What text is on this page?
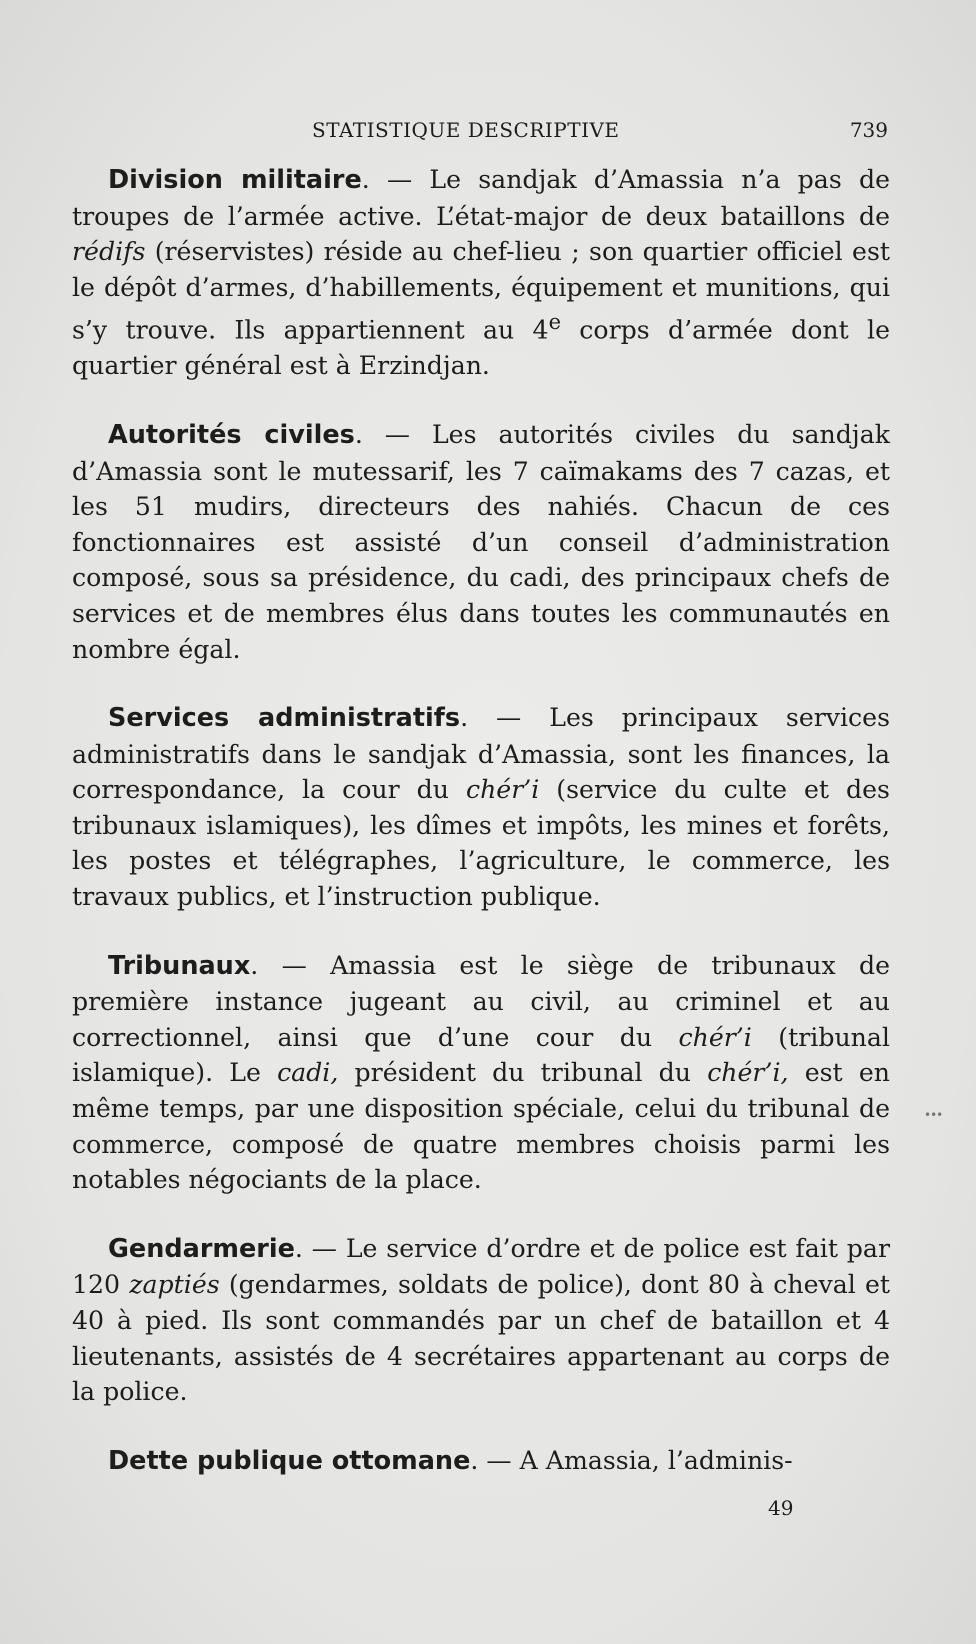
STATISTIQUE DESCRIPTIVE	739

Division militaire. — Le sandjak d’Amassia n’a pas de troupes de l’armée active. L’état-major de deux bataillons de rédifs (réservistes) réside au chef-lieu ; son quartier officiel est le dépôt d’armes, d’habillements, équipement et munitions, qui s’y trouve. Ils appartiennent au 4e corps d’armée dont le quartier général est à Erzindjan.

Autorités civiles. — Les autorités civiles du sandjak d’Amassia sont le mutessarif, les 7 caïmakams des 7 cazas, et les 51 mudirs, directeurs des nahiés. Chacun de ces fonctionnaires est assisté d’un conseil d’administration composé, sous sa présidence, du cadi, des principaux chefs de services et de membres élus dans toutes les communautés en nombre égal.

Services administratifs. — Les principaux services administratifs dans le sandjak d’Amassia, sont les finances, la correspondance, la cour du chér’i (service du culte et des tribunaux islamiques), les dîmes et impôts, les mines et forêts, les postes et télégraphes, l’agriculture, le commerce, les travaux publics, et l’instruction publique.

Tribunaux. — Amassia est le siège de tribunaux de première instance jugeant au civil, au criminel et au correctionnel, ainsi que d’une cour du chér’i (tribunal islamique). Le cadi, président du tribunal du chér’i, est en même temps, par une disposition spéciale, celui du tribunal de commerce, composé de quatre membres choisis parmi les notables négociants de la place.

Gendarmerie. — Le service d’ordre et de police est fait par 120 zaptiés (gendarmes, soldats de police), dont 80 à cheval et 40 à pied. Ils sont commandés par un chef de bataillon et 4 lieutenants, assistés de 4 secrétaires appartenant au corps de la police.

Dette publique ottomane. — A Amassia, l’adminis-

49
•••
